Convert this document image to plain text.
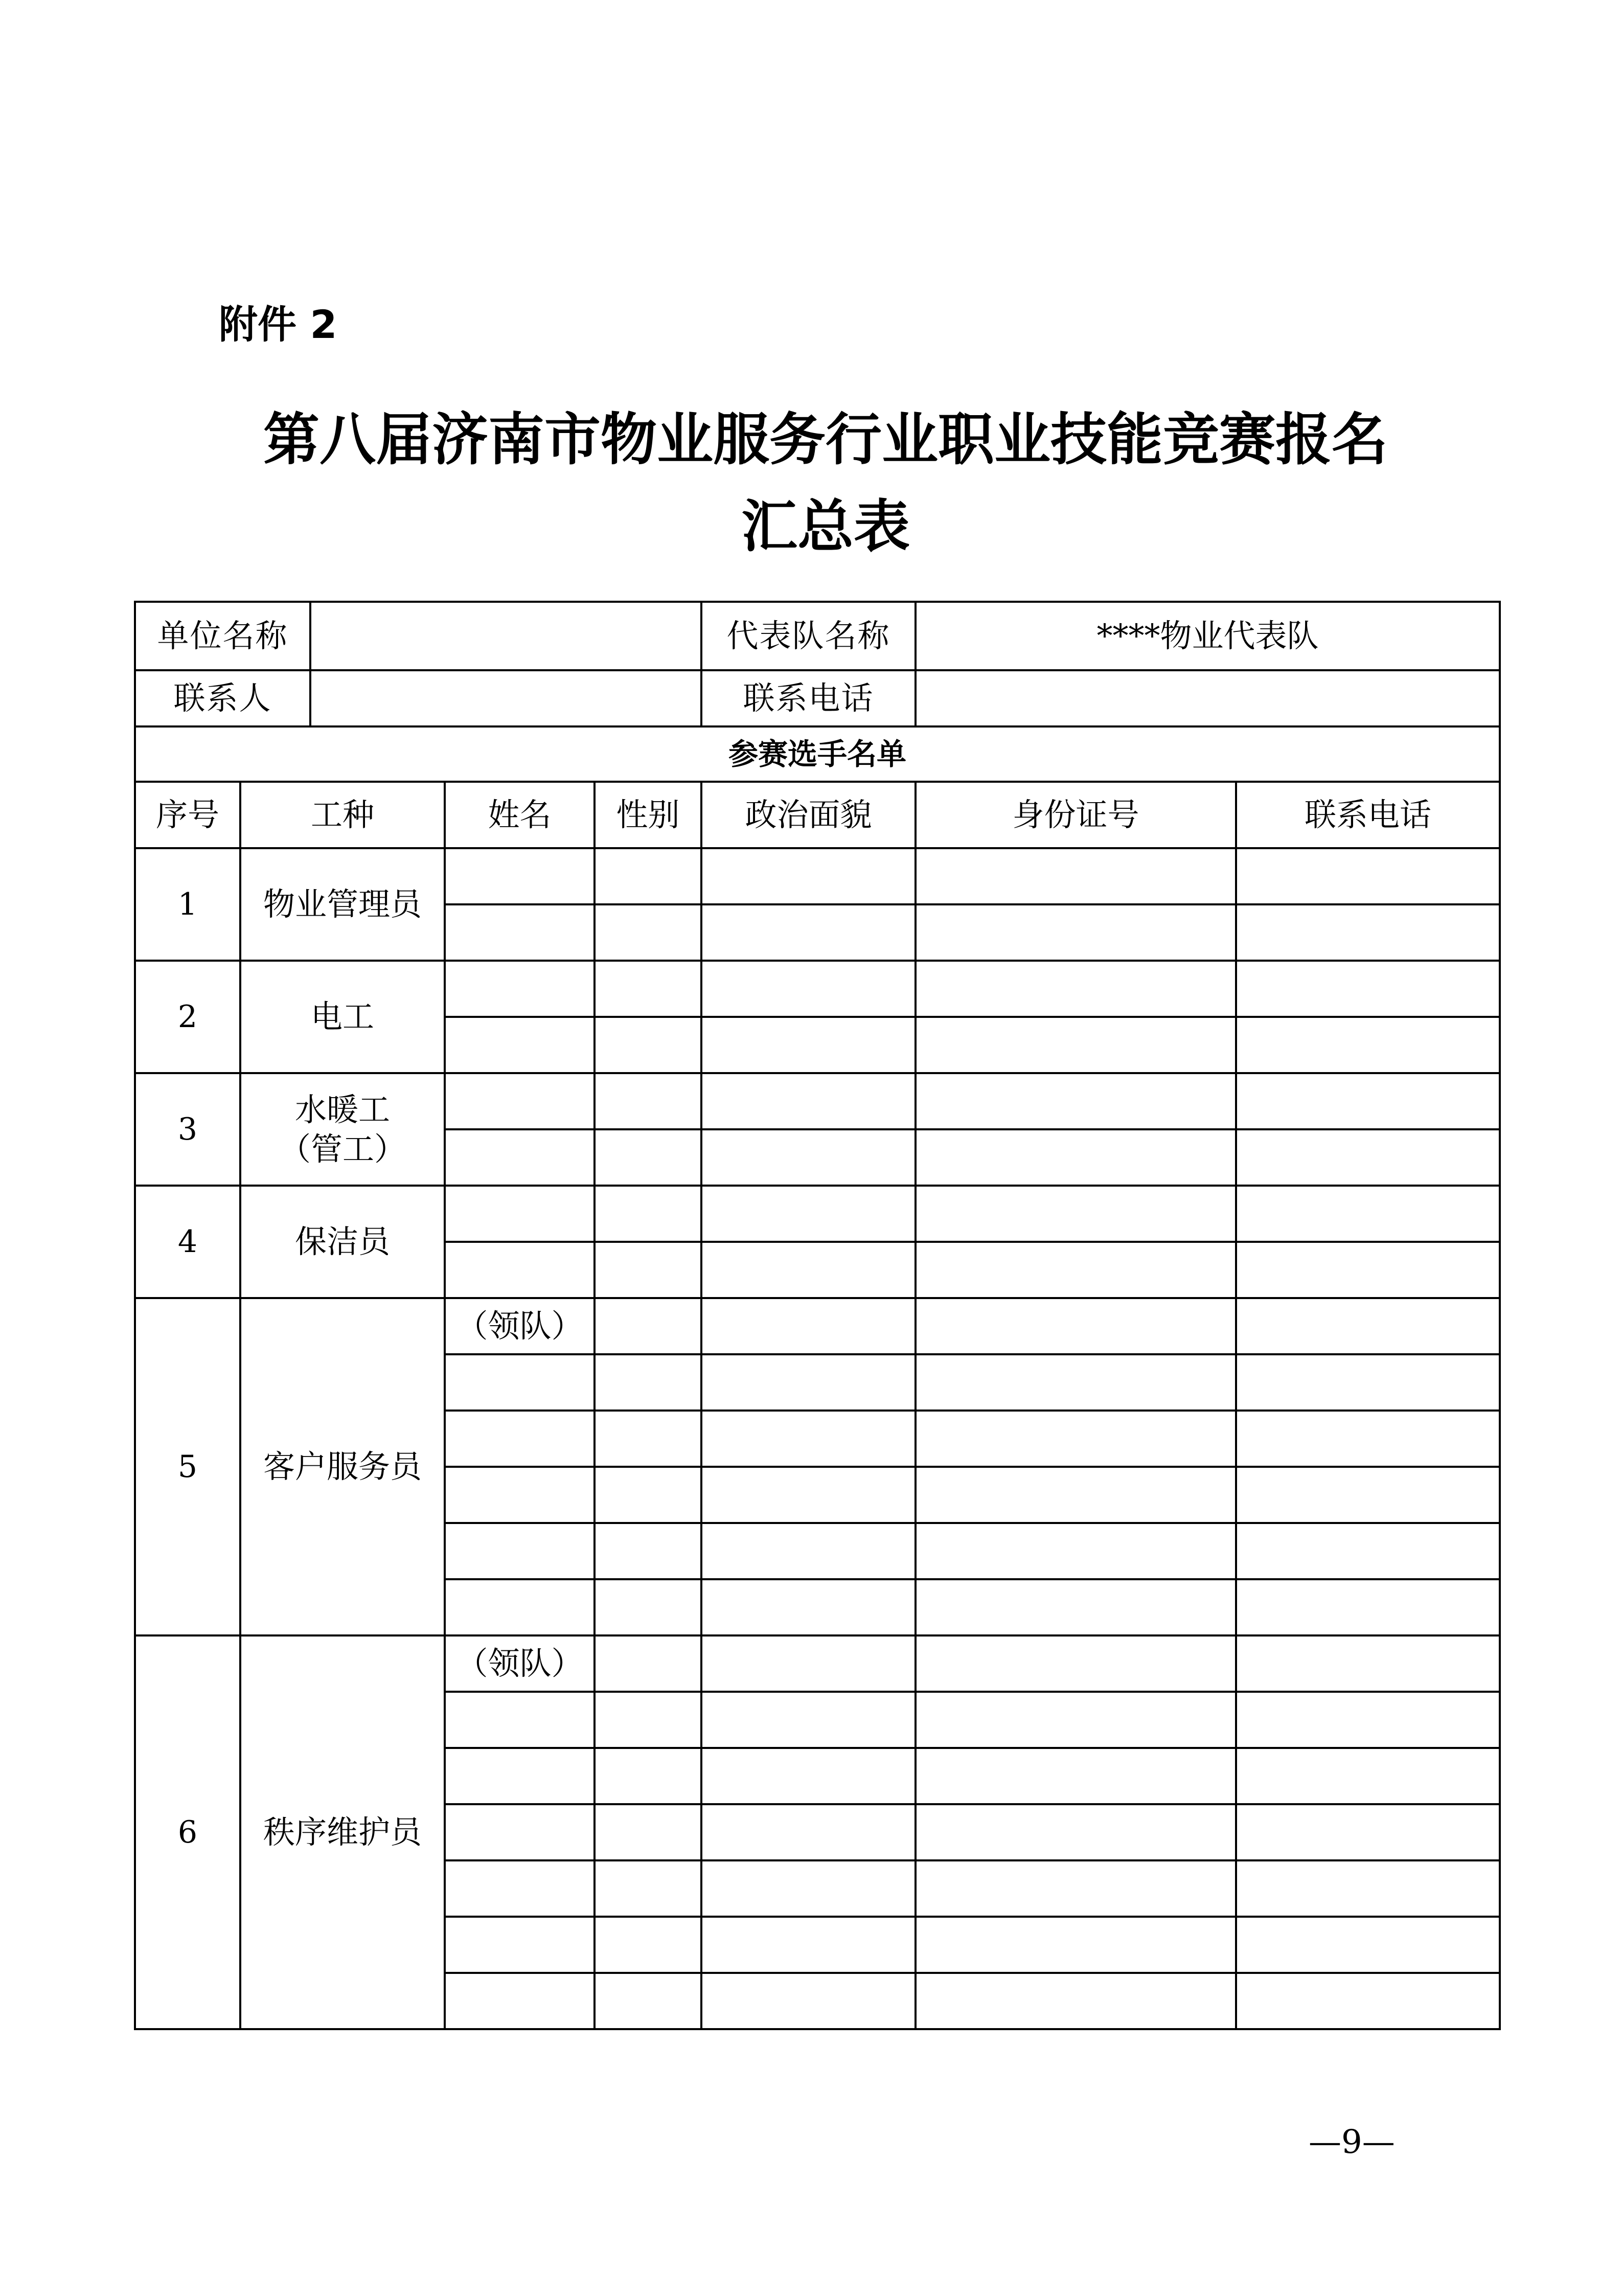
附件 2
第八届济南市物业服务行业职业技能竞赛报名
汇总表
单位名称					代表队名称	****物业代表队	
联系人					联系电话		
参赛选手名单							
序号	工种		姓名	性别	政治面貌	身份证号	联系电话
1	物业管理员						

2	电工						

3	水暖工
（管工）						

4	保洁员						

5	客户服务员		（领队）				

6	秩序维护员		（领队）				

—9—
